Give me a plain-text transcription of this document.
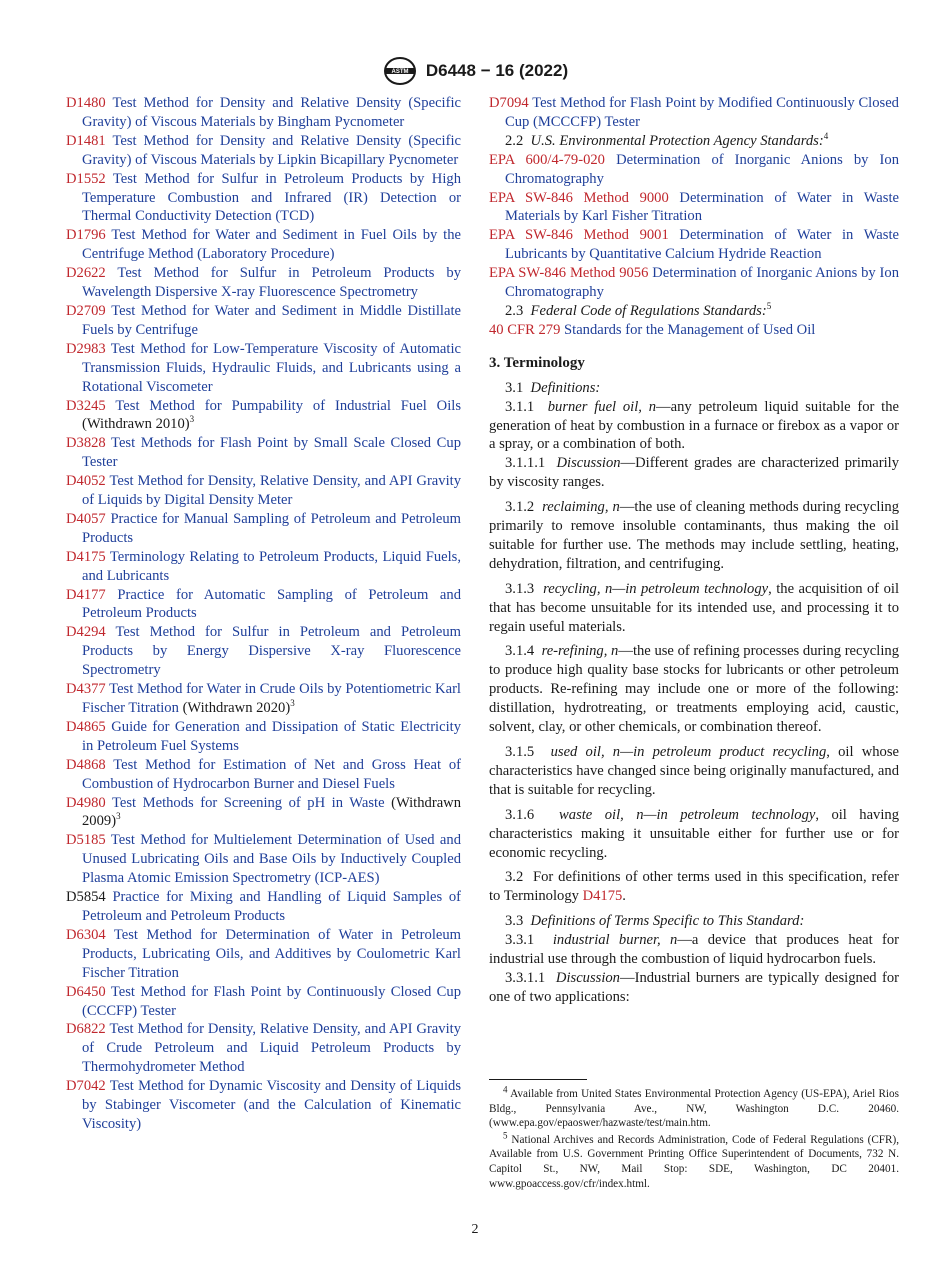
ASTM D6448 − 16 (2022)

D1480 Test Method for Density and Relative Density (Specific Gravity) of Viscous Materials by Bingham Pycnometer

D1481 Test Method for Density and Relative Density (Specific Gravity) of Viscous Materials by Lipkin Bicapillary Pycnometer

D1552 Test Method for Sulfur in Petroleum Products by High Temperature Combustion and Infrared (IR) Detection or Thermal Conductivity Detection (TCD)

D1796 Test Method for Water and Sediment in Fuel Oils by the Centrifuge Method (Laboratory Procedure)

D2622 Test Method for Sulfur in Petroleum Products by Wavelength Dispersive X-ray Fluorescence Spectrometry

D2709 Test Method for Water and Sediment in Middle Distillate Fuels by Centrifuge

D2983 Test Method for Low-Temperature Viscosity of Automatic Transmission Fluids, Hydraulic Fluids, and Lubricants using a Rotational Viscometer

D3245 Test Method for Pumpability of Industrial Fuel Oils (Withdrawn 2010)$^3$

D3828 Test Methods for Flash Point by Small Scale Closed Cup Tester

D4052 Test Method for Density, Relative Density, and API Gravity of Liquids by Digital Density Meter

D4057 Practice for Manual Sampling of Petroleum and Petroleum Products

D4175 Terminology Relating to Petroleum Products, Liquid Fuels, and Lubricants

D4177 Practice for Automatic Sampling of Petroleum and Petroleum Products

D4294 Test Method for Sulfur in Petroleum and Petroleum Products by Energy Dispersive X-ray Fluorescence Spectrometry

D4377 Test Method for Water in Crude Oils by Potentiometric Karl Fischer Titration (Withdrawn 2020)$^3$

D4865 Guide for Generation and Dissipation of Static Electricity in Petroleum Fuel Systems

D4868 Test Method for Estimation of Net and Gross Heat of Combustion of Hydrocarbon Burner and Diesel Fuels

D4980 Test Methods for Screening of pH in Waste (Withdrawn 2009)$^3$

D5185 Test Method for Multielement Determination of Used and Unused Lubricating Oils and Base Oils by Inductively Coupled Plasma Atomic Emission Spectrometry (ICP-AES)

D5854 Practice for Mixing and Handling of Liquid Samples of Petroleum and Petroleum Products

D6304 Test Method for Determination of Water in Petroleum Products, Lubricating Oils, and Additives by Coulometric Karl Fischer Titration

D6450 Test Method for Flash Point by Continuously Closed Cup (CCCFP) Tester

D6822 Test Method for Density, Relative Density, and API Gravity of Crude Petroleum and Liquid Petroleum Products by Thermohydrometer Method

D7042 Test Method for Dynamic Viscosity and Density of Liquids by Stabinger Viscometer (and the Calculation of Kinematic Viscosity)

D7094 Test Method for Flash Point by Modified Continuously Closed Cup (MCCCFP) Tester

2.2 U.S. Environmental Protection Agency Standards:$^4$

EPA 600/4-79-020 Determination of Inorganic Anions by Ion Chromatography

EPA SW-846 Method 9000 Determination of Water in Waste Materials by Karl Fisher Titration

EPA SW-846 Method 9001 Determination of Water in Waste Lubricants by Quantitative Calcium Hydride Reaction

EPA SW-846 Method 9056 Determination of Inorganic Anions by Ion Chromatography

2.3 Federal Code of Regulations Standards:$^5$

40 CFR 279 Standards for the Management of Used Oil

3. Terminology

3.1 Definitions:

3.1.1 burner fuel oil, n—any petroleum liquid suitable for the generation of heat by combustion in a furnace or firebox as a vapor or a spray, or a combination of both.

3.1.1.1 Discussion—Different grades are characterized primarily by viscosity ranges.

3.1.2 reclaiming, n—the use of cleaning methods during recycling primarily to remove insoluble contaminants, thus making the oil suitable for further use. The methods may include settling, heating, dehydration, filtration, and centrifuging.

3.1.3 recycling, n—in petroleum technology, the acquisition of oil that has become unsuitable for its intended use, and processing it to regain useful materials.

3.1.4 re-refining, n—the use of refining processes during recycling to produce high quality base stocks for lubricants or other petroleum products. Re-refining may include one or more of the following: distillation, hydrotreating, or treatments employing acid, caustic, solvent, clay, or other chemicals, or combination thereof.

3.1.5 used oil, n—in petroleum product recycling, oil whose characteristics have changed since being originally manufactured, and that is suitable for recycling.

3.1.6 waste oil, n—in petroleum technology, oil having characteristics making it unsuitable either for further use or for economic recycling.

3.2 For definitions of other terms used in this specification, refer to Terminology D4175.

3.3 Definitions of Terms Specific to This Standard:

3.3.1 industrial burner, n—a device that produces heat for industrial use through the combustion of liquid hydrocarbon fuels.

3.3.1.1 Discussion—Industrial burners are typically designed for one of two applications:

$^4$ Available from United States Environmental Protection Agency (US-EPA), Ariel Rios Bldg., Pennsylvania Ave., NW, Washington D.C. 20460. (www.epa.gov/epaoswer/hazwaste/test/main.htm.

$^5$ National Archives and Records Administration, Code of Federal Regulations (CFR), Available from U.S. Government Printing Office Superintendent of Documents, 732 N. Capitol St., NW, Mail Stop: SDE, Washington, DC 20401. www.gpoaccess.gov/cfr/index.html.

2
